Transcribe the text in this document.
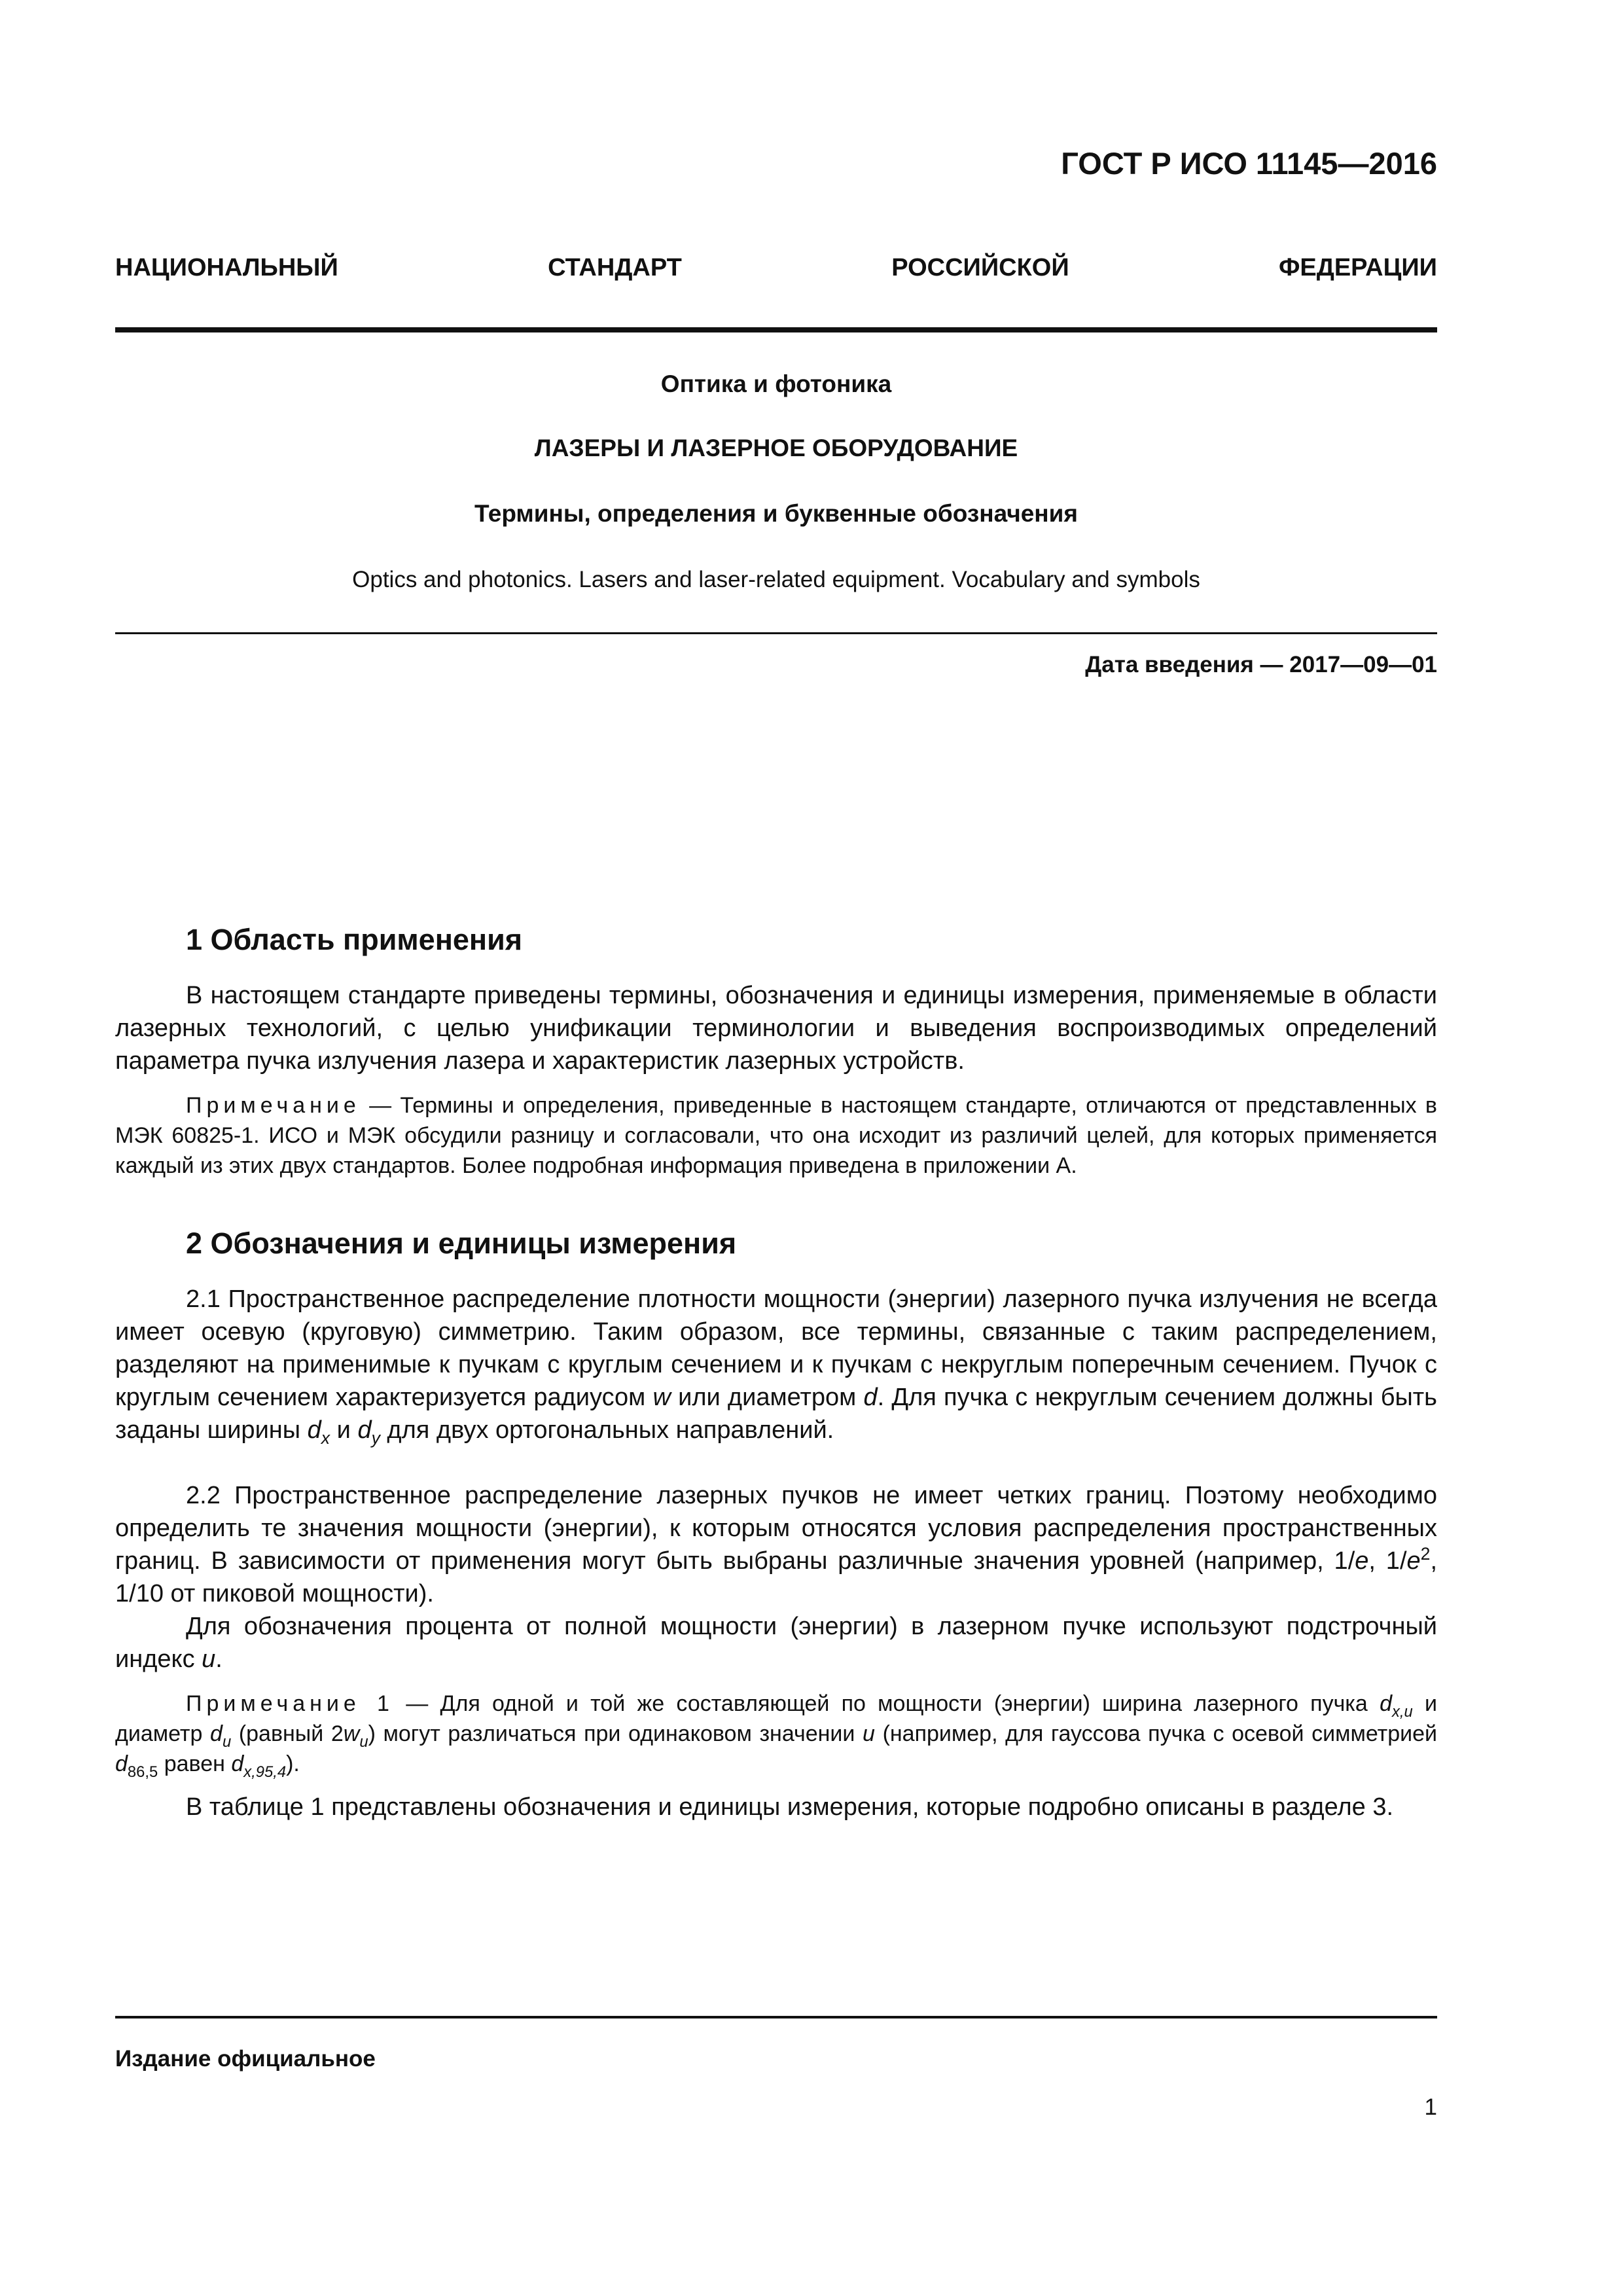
ГОСТ Р ИСО 11145—2016
НАЦИОНАЛЬНЫЙ СТАНДАРТ РОССИЙСКОЙ ФЕДЕРАЦИИ
Оптика и фотоника
ЛАЗЕРЫ И ЛАЗЕРНОЕ ОБОРУДОВАНИЕ
Термины, определения и буквенные обозначения
Optics and photonics. Lasers and laser-related equipment. Vocabulary and symbols
Дата введения — 2017—09—01
1 Область применения
В настоящем стандарте приведены термины, обозначения и единицы измерения, применяемые в области лазерных технологий, с целью унификации терминологии и выведения воспроизводимых определений параметра пучка излучения лазера и характеристик лазерных устройств.
Примечание — Термины и определения, приведенные в настоящем стандарте, отличаются от представленных в МЭК 60825-1. ИСО и МЭК обсудили разницу и согласовали, что она исходит из различий целей, для которых применяется каждый из этих двух стандартов. Более подробная информация приведена в приложении А.
2 Обозначения и единицы измерения
2.1 Пространственное распределение плотности мощности (энергии) лазерного пучка излучения не всегда имеет осевую (круговую) симметрию. Таким образом, все термины, связанные с таким распределением, разделяют на применимые к пучкам с круглым сечением и к пучкам с некруглым поперечным сечением. Пучок с круглым сечением характеризуется радиусом w или диаметром d. Для пучка с некруглым сечением должны быть заданы ширины $d_x$ и $d_y$ для двух ортогональных направлений.
2.2 Пространственное распределение лазерных пучков не имеет четких границ. Поэтому необходимо определить те значения мощности (энергии), к которым относятся условия распределения пространственных границ. В зависимости от применения могут быть выбраны различные значения уровней (например, 1/e, $1/e^2$, 1/10 от пиковой мощности).
Для обозначения процента от полной мощности (энергии) в лазерном пучке используют подстрочный индекс u.
Примечание 1 — Для одной и той же составляющей по мощности (энергии) ширина лазерного пучка $d_{x,u}$ и диаметр $d_u$ (равный $2w_u$) могут различаться при одинаковом значении u (например, для гауссова пучка с осевой симметрией $d_{86,5}$ равен $d_{x,95,4}$).
В таблице 1 представлены обозначения и единицы измерения, которые подробно описаны в разделе 3.
Издание официальное
1
